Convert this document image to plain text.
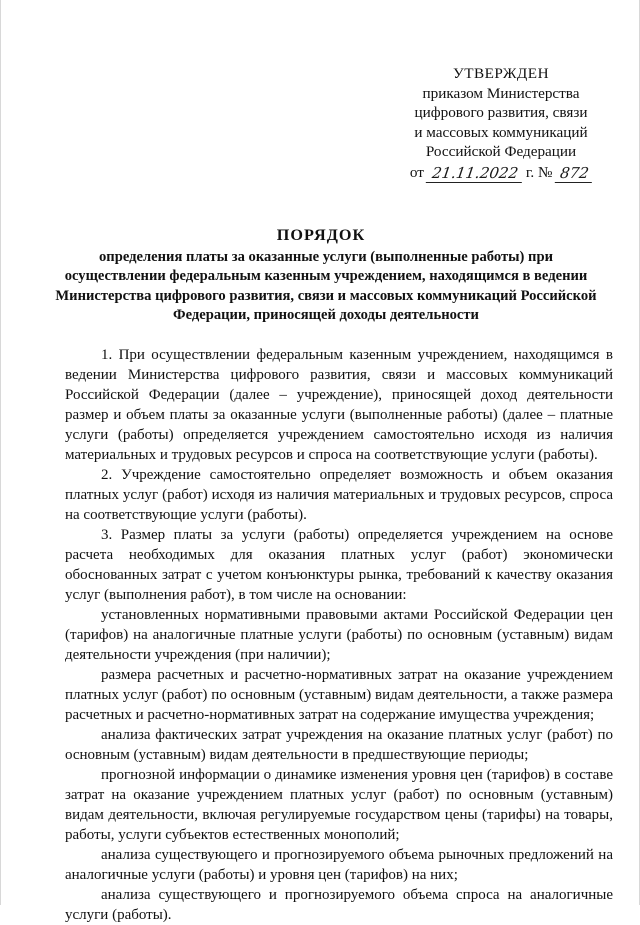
УТВЕРЖДЕН
приказом Министерства
цифрового развития, связи
и массовых коммуникаций
Российской Федерации
от 21.11.2022 г. № 872
ПОРЯДОК
определения платы за оказанные услуги (выполненные работы) при осуществлении федеральным казенным учреждением, находящимся в ведении Министерства цифрового развития, связи и массовых коммуникаций Российской Федерации, приносящей доходы деятельности

1. При осуществлении федеральным казенным учреждением, находящимся в ведении Министерства цифрового развития, связи и массовых коммуникаций Российской Федерации (далее – учреждение), приносящей доход деятельности размер и объем платы за оказанные услуги (выполненные работы) (далее – платные услуги (работы) определяется учреждением самостоятельно исходя из наличия материальных и трудовых ресурсов и спроса на соответствующие услуги (работы).

2. Учреждение самостоятельно определяет возможность и объем оказания платных услуг (работ) исходя из наличия материальных и трудовых ресурсов, спроса на соответствующие услуги (работы).

3. Размер платы за услуги (работы) определяется учреждением на основе расчета необходимых для оказания платных услуг (работ) экономически обоснованных затрат с учетом конъюнктуры рынка, требований к качеству оказания услуг (выполнения работ), в том числе на основании:

установленных нормативными правовыми актами Российской Федерации цен (тарифов) на аналогичные платные услуги (работы) по основным (уставным) видам деятельности учреждения (при наличии);

размера расчетных и расчетно-нормативных затрат на оказание учреждением платных услуг (работ) по основным (уставным) видам деятельности, а также размера расчетных и расчетно-нормативных затрат на содержание имущества учреждения;

анализа фактических затрат учреждения на оказание платных услуг (работ) по основным (уставным) видам деятельности в предшествующие периоды;

прогнозной информации о динамике изменения уровня цен (тарифов) в составе затрат на оказание учреждением платных услуг (работ) по основным (уставным) видам деятельности, включая регулируемые государством цены (тарифы) на товары, работы, услуги субъектов естественных монополий;

анализа существующего и прогнозируемого объема рыночных предложений на аналогичные услуги (работы) и уровня цен (тарифов) на них;

анализа существующего и прогнозируемого объема спроса на аналогичные услуги (работы).
